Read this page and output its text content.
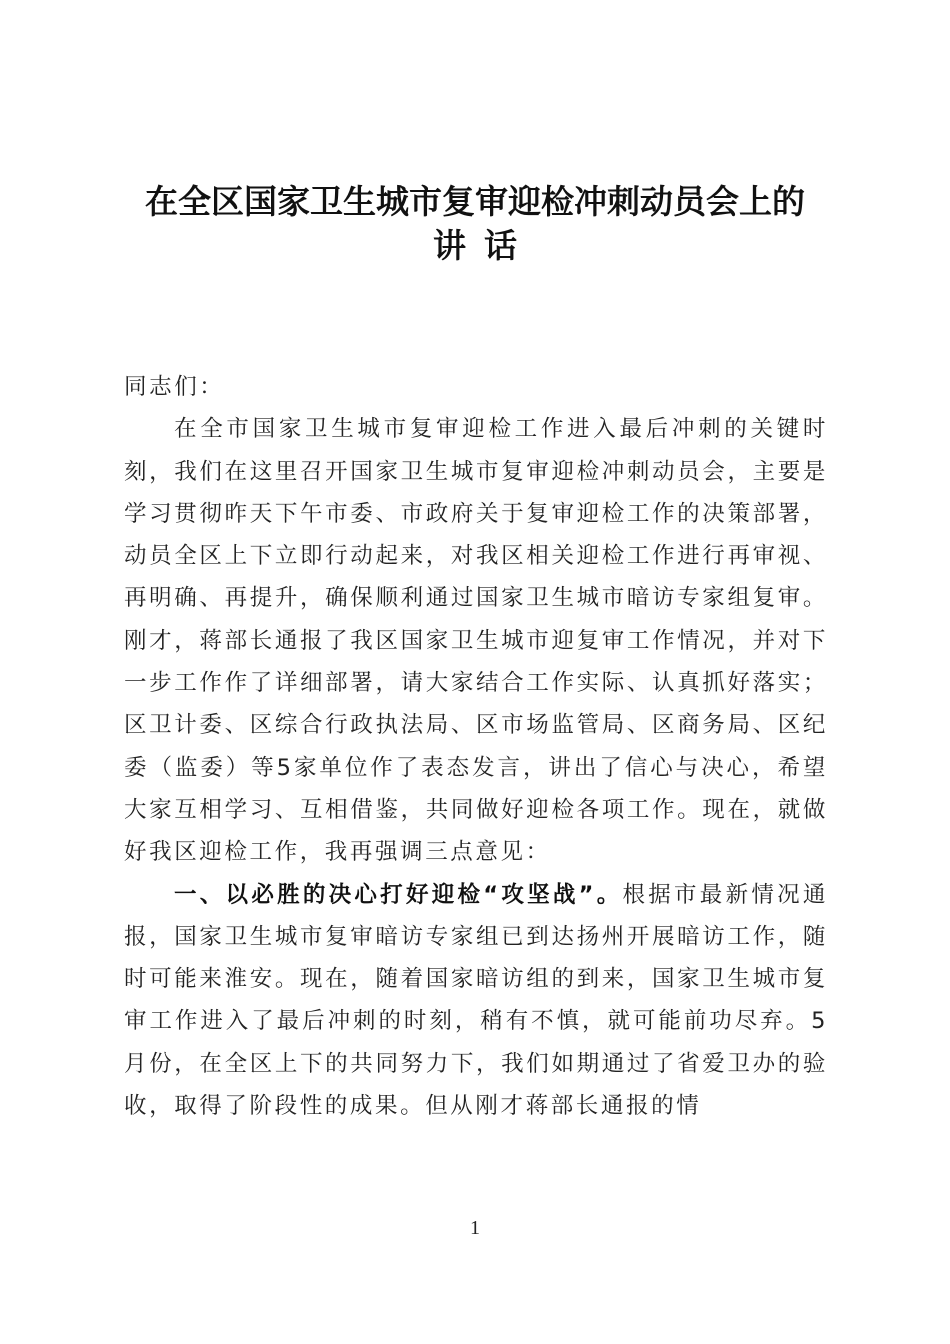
在全区国家卫生城市复审迎检冲刺动员会上的
讲话

同志们：

在全市国家卫生城市复审迎检工作进入最后冲刺的关键时刻，我们在这里召开国家卫生城市复审迎检冲刺动员会，主要是学习贯彻昨天下午市委、市政府关于复审迎检工作的决策部署，动员全区上下立即行动起来，对我区相关迎检工作进行再审视、再明确、再提升，确保顺利通过国家卫生城市暗访专家组复审。刚才，蒋部长通报了我区国家卫生城市迎复审工作情况，并对下一步工作作了详细部署，请大家结合工作实际、认真抓好落实；区卫计委、区综合行政执法局、区市场监管局、区商务局、区纪委（监委）等5家单位作了表态发言，讲出了信心与决心，希望大家互相学习、互相借鉴，共同做好迎检各项工作。现在，就做好我区迎检工作，我再强调三点意见：

一、以必胜的决心打好迎检“攻坚战”。根据市最新情况通报，国家卫生城市复审暗访专家组已到达扬州开展暗访工作，随时可能来淮安。现在，随着国家暗访组的到来，国家卫生城市复审工作进入了最后冲刺的时刻，稍有不慎，就可能前功尽弃。5月份，在全区上下的共同努力下，我们如期通过了省爱卫办的验收，取得了阶段性的成果。但从刚才蒋部长通报的情

1
